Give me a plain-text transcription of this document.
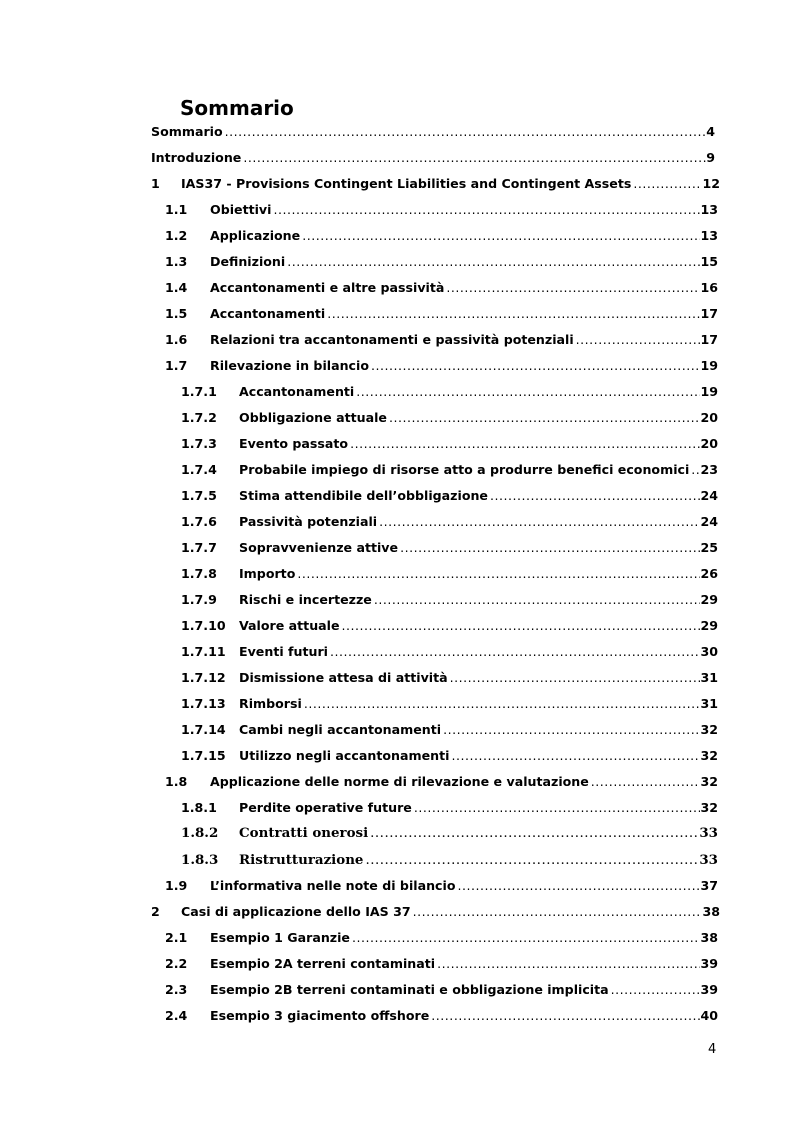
Sommario
Sommario .....	4
Introduzione .....	9
1 IAS37 - Provisions Contingent Liabilities and Contingent Assets .....	12
1.1 Obiettivi .....	13
1.2 Applicazione .....	13
1.3 Definizioni .....	15
1.4 Accantonamenti e altre passività .....	16
1.5 Accantonamenti .....	17
1.6 Relazioni tra accantonamenti e passività potenziali .....	17
1.7 Rilevazione in bilancio .....	19
1.7.1 Accantonamenti .....	19
1.7.2 Obbligazione attuale .....	20
1.7.3 Evento passato .....	20
1.7.4 Probabile impiego di risorse atto a produrre benefici economici ..... 23
1.7.5 Stima attendibile dell’obbligazione .....	24
1.7.6 Passività potenziali .....	24
1.7.7 Sopravvenienze attive .....	25
1.7.8 Importo .....	26
1.7.9 Rischi e incertezze .....	29
1.7.10 Valore attuale .....	29
1.7.11 Eventi futuri .....	30
1.7.12 Dismissione attesa di attività .....	31
1.7.13 Rimborsi .....	31
1.7.14 Cambi negli accantonamenti .....	32
1.7.15 Utilizzo negli accantonamenti .....	32
1.8 Applicazione delle norme di rilevazione e valutazione .....	32
1.8.1 Perdite operative future .....	32
1.8.2 Contratti onerosi .....	33
1.8.3 Ristrutturazione .....	33
1.9 L’informativa nelle note di bilancio .....	37
2 Casi di applicazione dello IAS 37 .....	38
2.1 Esempio 1 Garanzie .....	38
2.2 Esempio 2A terreni contaminati .....	39
2.3 Esempio 2B terreni contaminati e obbligazione implicita .....	39
2.4 Esempio 3 giacimento offshore .....	40
4
